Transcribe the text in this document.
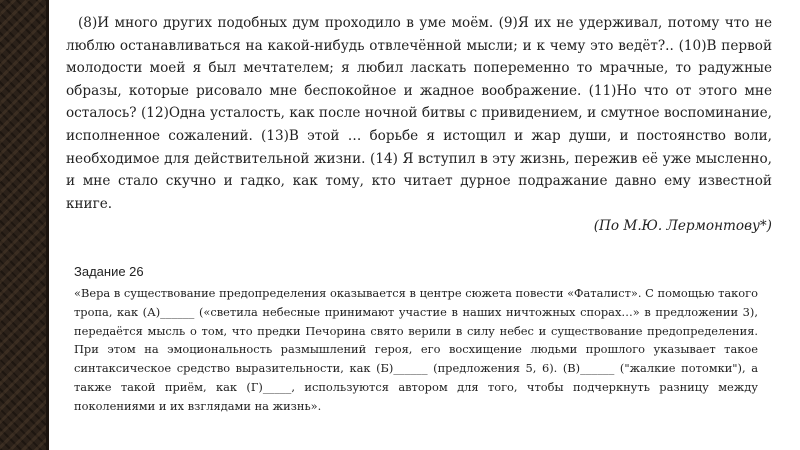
(8)И много других подобных дум проходило в уме моём. (9)Я их не удерживал, потому что не люблю останавливаться на какой-нибудь отвлечённой мысли; и к чему это ведёт?.. (10)В первой молодости моей я был мечтателем; я любил ласкать попеременно то мрачные, то радужные образы, которые рисовало мне беспокойное и жадное воображение. (11)Но что от этого мне осталось? (12)Одна усталость, как после ночной битвы с привидением, и смутное воспоминание, исполненное сожалений. (13)В этой … борьбе я истощил и жар души, и постоянство воли, необходимое для действительной жизни. (14) Я вступил в эту жизнь, пережив её уже мысленно, и мне стало скучно и гадко, как тому, кто читает дурное подражание давно ему известной книге.

(По М.Ю. Лермонтову*)

Задание 26

«Вера в существование предопределения оказывается в центре сюжета повести «Фаталист». С помощью такого тропа, как (А)______ («светила небесные принимают участие в наших ничтожных спорах…» в предложении 3), передаётся мысль о том, что предки Печорина свято верили в силу небес и существование предопределения. При этом на эмоциональность размышлений героя, его восхищение людьми прошлого указывает такое синтаксическое средство выразительности, как (Б)______ (предложения 5, 6). (В)______ ("жалкие потомки"), а также такой приём, как (Г)_____, используются автором для того, чтобы подчеркнуть разницу между поколениями и их взглядами на жизнь».
